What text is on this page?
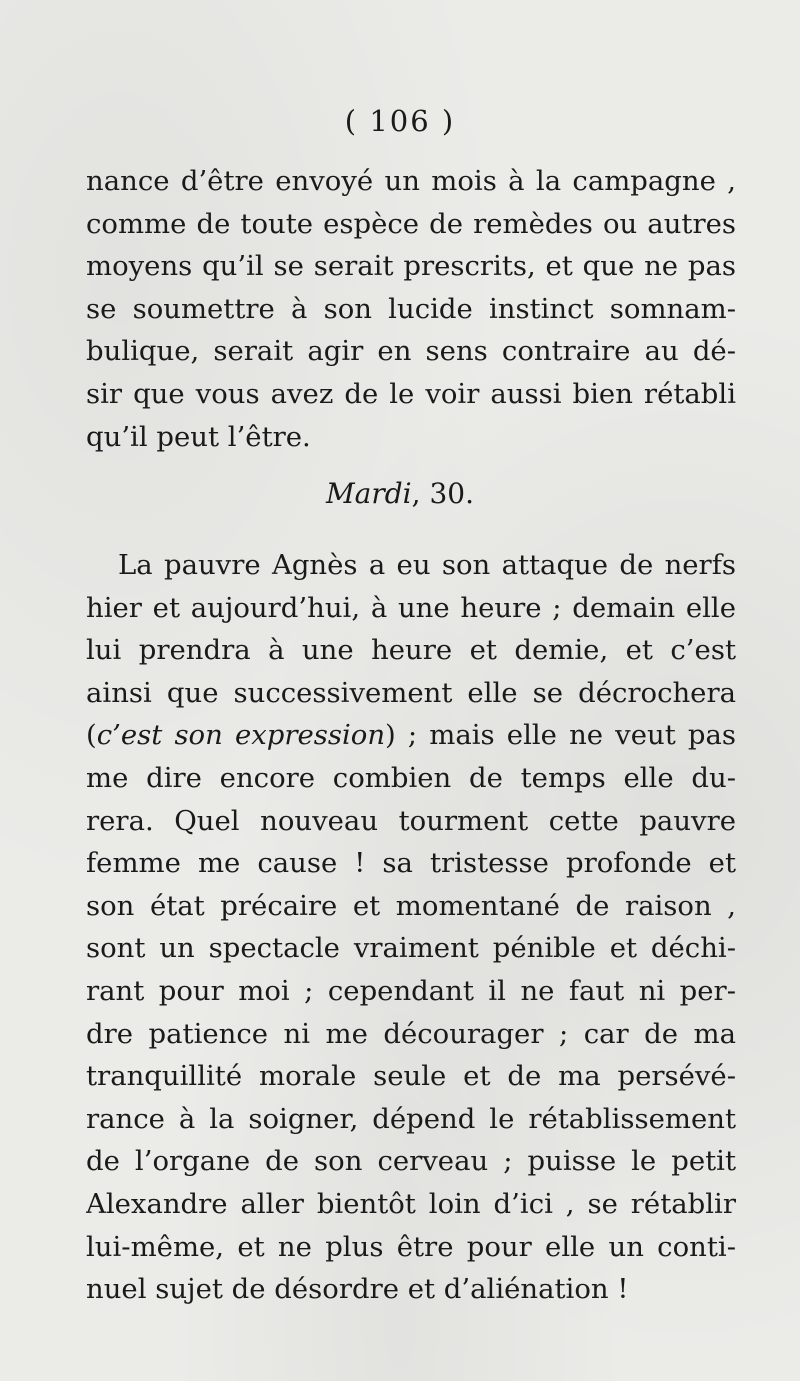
( 106 )
nance d’être envoyé un mois à la campagne ,
comme de toute espèce de remèdes ou autres
moyens qu’il se serait prescrits, et que ne pas
se soumettre à son lucide instinct somnam-
bulique, serait agir en sens contraire au dé-
sir que vous avez de le voir aussi bien rétabli
qu’il peut l’être.
Mardi, 30.
La pauvre Agnès a eu son attaque de nerfs
hier et aujourd’hui, à une heure ; demain elle
lui prendra à une heure et demie, et c’est
ainsi que successivement elle se décrochera
(c’est son expression) ; mais elle ne veut pas
me dire encore combien de temps elle du-
rera. Quel nouveau tourment cette pauvre
femme me cause ! sa tristesse profonde et
son état précaire et momentané de raison ,
sont un spectacle vraiment pénible et déchi-
rant pour moi ; cependant il ne faut ni per-
dre patience ni me décourager ; car de ma
tranquillité morale seule et de ma persévé-
rance à la soigner, dépend le rétablissement
de l’organe de son cerveau ; puisse le petit
Alexandre aller bientôt loin d’ici , se rétablir
lui-même, et ne plus être pour elle un conti-
nuel sujet de désordre et d’aliénation !
